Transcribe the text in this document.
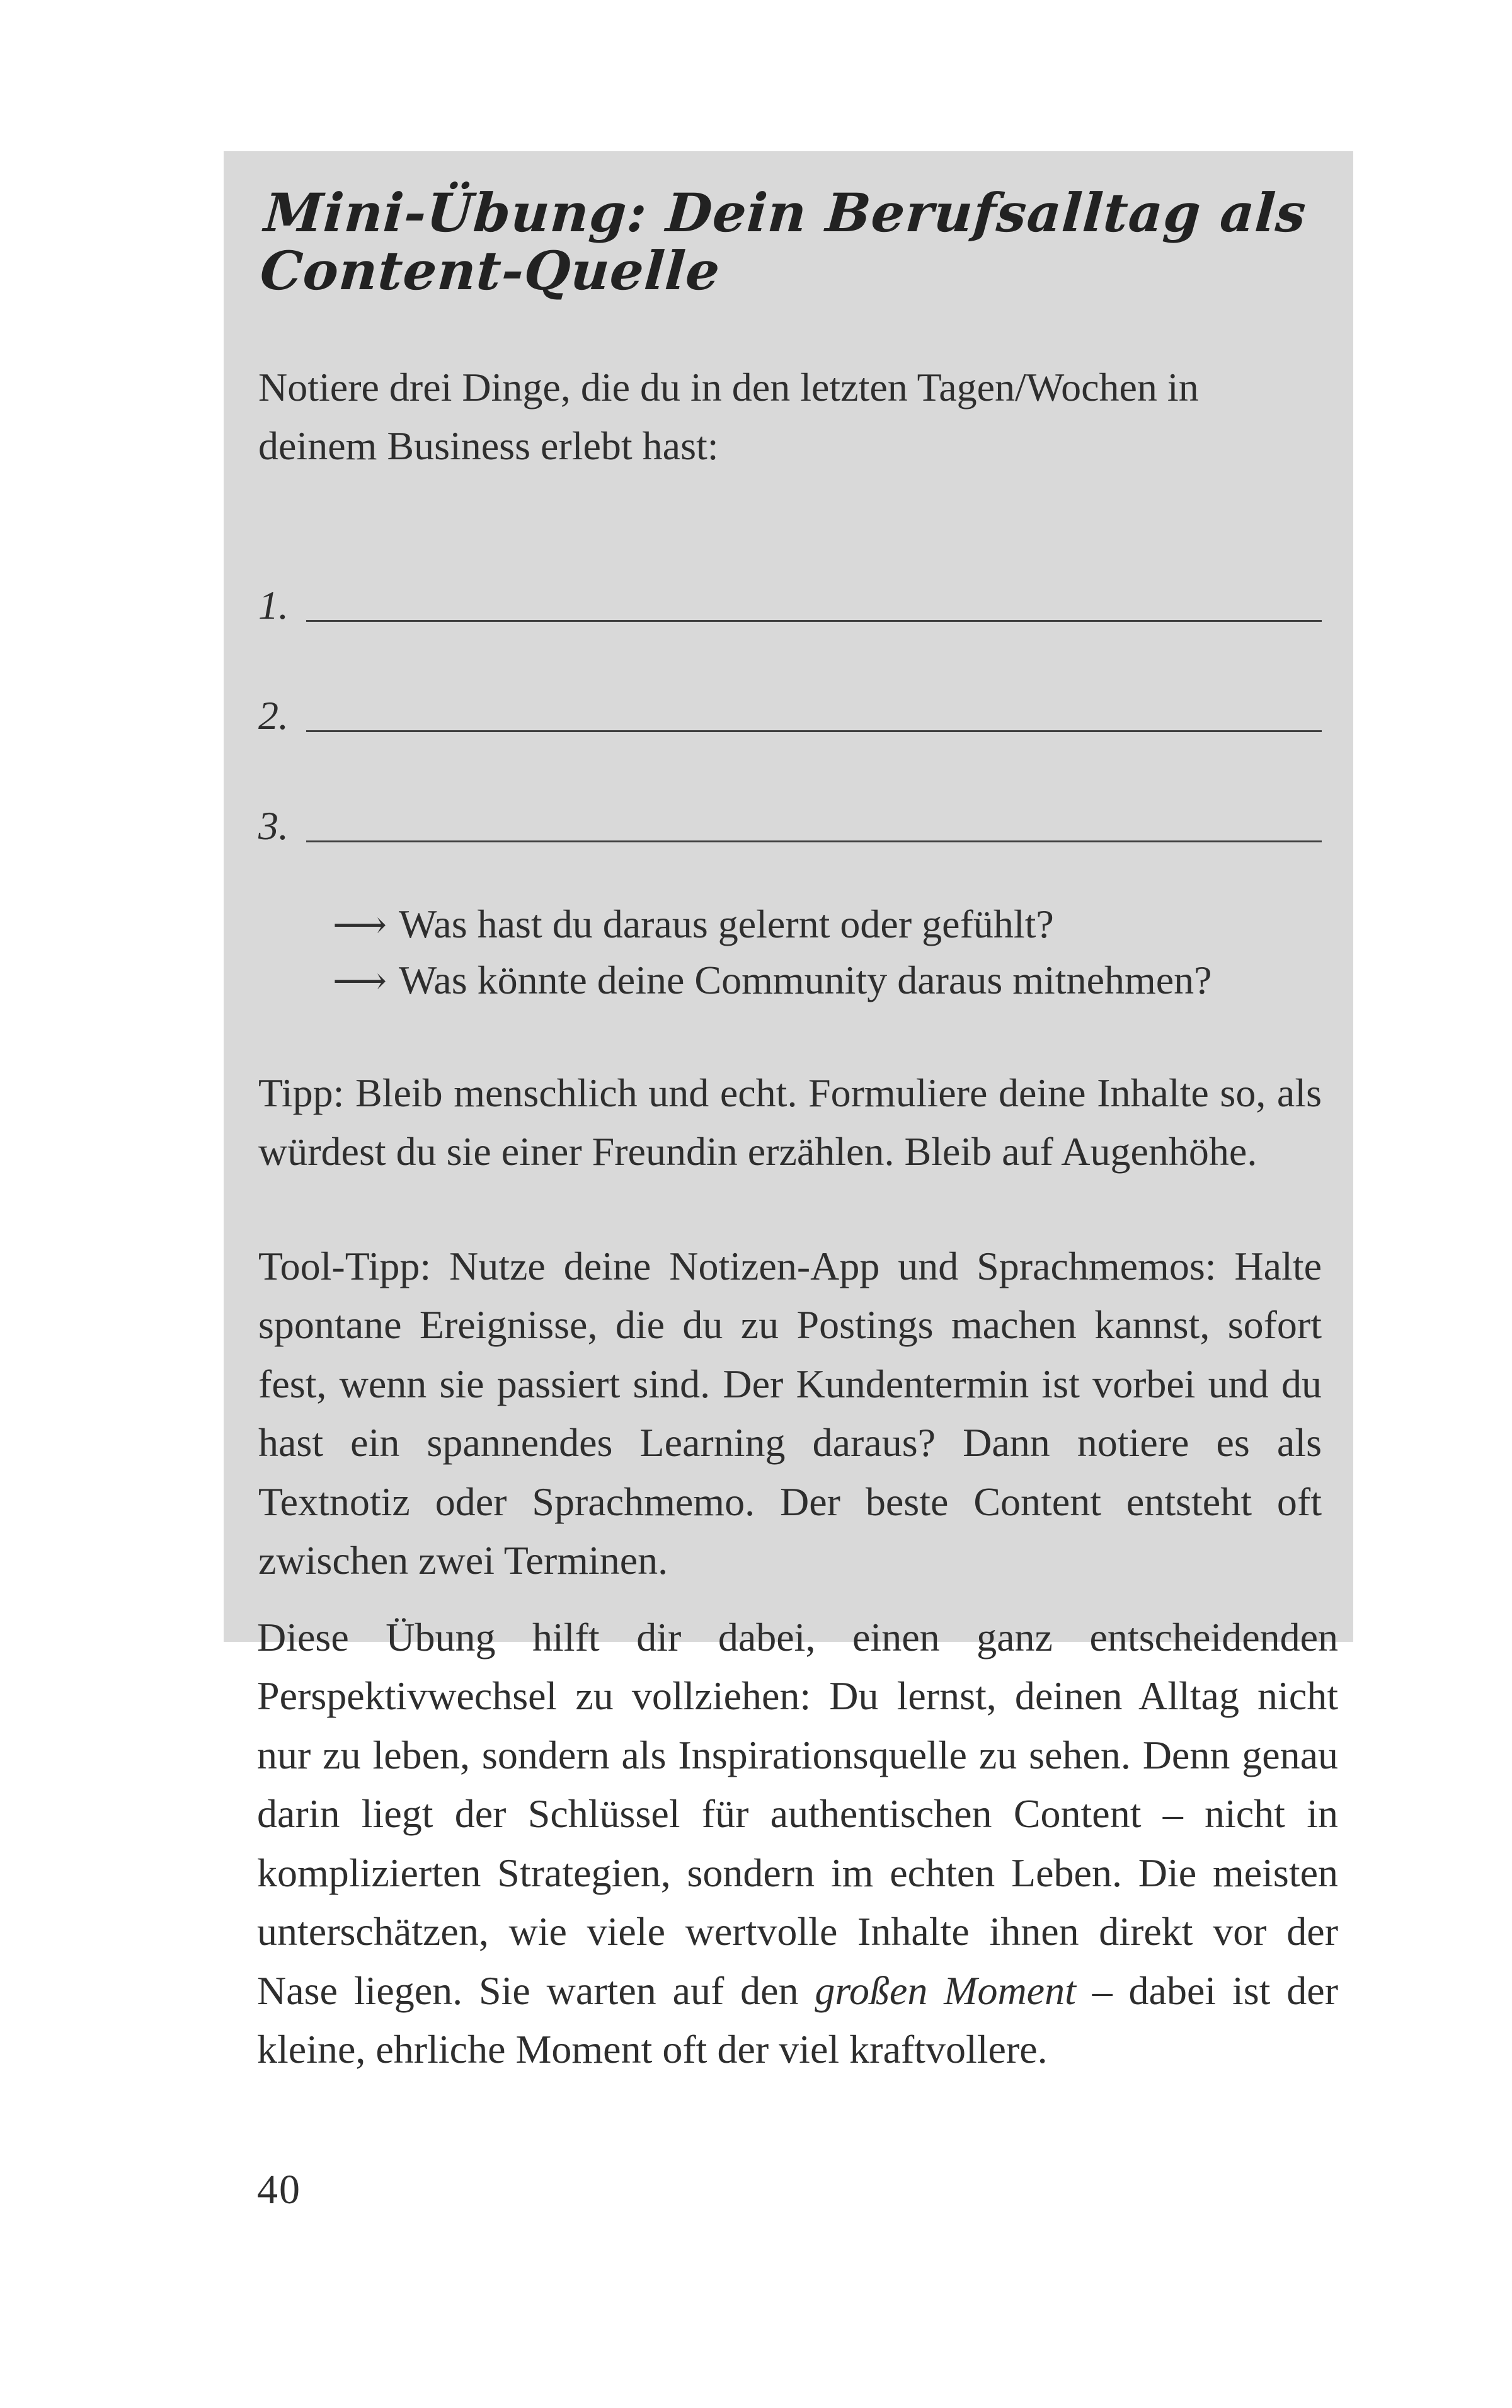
Mini-Übung: Dein Berufsalltag als Content-Quelle

Notiere drei Dinge, die du in den letzten Tagen/Wochen in deinem Business erlebt hast:

1.
2.
3.
⟶ Was hast du daraus gelernt oder gefühlt?
⟶ Was könnte deine Community daraus mitnehmen?

Tipp: Bleib menschlich und echt. Formuliere deine Inhalte so, als würdest du sie einer Freundin erzählen. Bleib auf Augenhöhe.

Tool-Tipp: Nutze deine Notizen-App und Sprachmemos: Halte spontane Ereignisse, die du zu Postings machen kannst, sofort fest, wenn sie passiert sind. Der Kundentermin ist vorbei und du hast ein spannendes Learning daraus? Dann notiere es als Textnotiz oder Sprachmemo. Der beste Content entsteht oft zwischen zwei Terminen.

Diese Übung hilft dir dabei, einen ganz entscheidenden Perspektivwechsel zu vollziehen: Du lernst, deinen Alltag nicht nur zu leben, sondern als Inspirationsquelle zu sehen. Denn genau darin liegt der Schlüssel für authentischen Content – nicht in komplizierten Strategien, sondern im echten Leben. Die meisten unterschätzen, wie viele wertvolle Inhalte ihnen direkt vor der Nase liegen. Sie warten auf den großen Moment – dabei ist der kleine, ehrliche Moment oft der viel kraftvollere.

40
